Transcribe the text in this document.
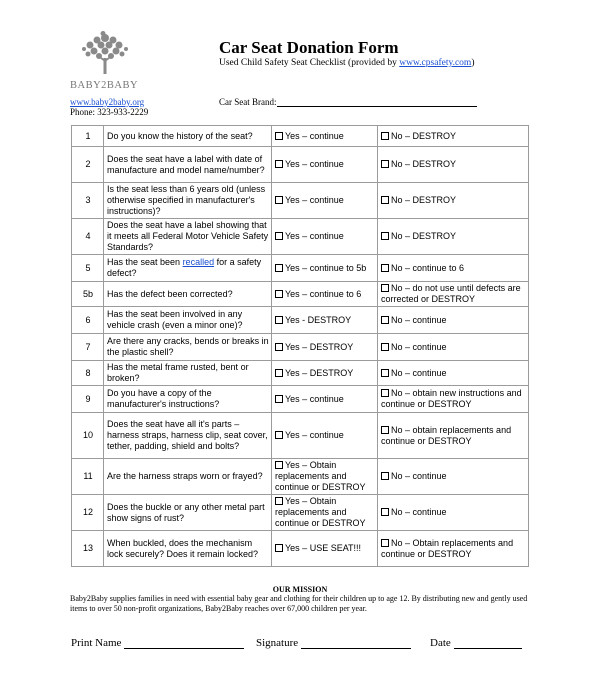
BABY2BABY
www.baby2baby.org
Phone: 323-933-2229
Car Seat Donation Form
Used Child Safety Seat Checklist (provided by www.cpsafety.com)
Car Seat Brand:
1	Do you know the history of the seat?	Yes – continue	No – DESTROY
2	Does the seat have a label with date of manufacture and model name/number?	Yes – continue	No – DESTROY
3	Is the seat less than 6 years old (unless otherwise specified in manufacturer's instructions)?	Yes – continue	No – DESTROY
4	Does the seat have a label showing that it meets all Federal Motor Vehicle Safety Standards?	Yes – continue	No – DESTROY
5	Has the seat been recalled for a safety defect?	Yes – continue to 5b	No – continue to 6
5b	Has the defect been corrected?	Yes – continue to 6	No – do not use until defects are corrected or DESTROY
6	Has the seat been involved in any vehicle crash (even a minor one)?	Yes - DESTROY	No – continue
7	Are there any cracks, bends or breaks in the plastic shell?	Yes – DESTROY	No – continue
8	Has the metal frame rusted, bent or broken?	Yes – DESTROY	No – continue
9	Do you have a copy of the manufacturer's instructions?	Yes – continue	No – obtain new instructions and continue or DESTROY
10	Does the seat have all it's parts – harness straps, harness clip, seat cover, tether, padding, shield and bolts?	Yes – continue	No – obtain replacements and continue or DESTROY
11	Are the harness straps worn or frayed?	Yes – Obtain replacements and continue or DESTROY	No – continue
12	Does the buckle or any other metal part show signs of rust?	Yes – Obtain replacements and continue or DESTROY	No – continue
13	When buckled, does the mechanism lock securely? Does it remain locked?	Yes – USE SEAT!!!	No – Obtain replacements and continue or DESTROY
OUR MISSION
Baby2Baby supplies families in need with essential baby gear and clothing for their children up to age 12. By distributing new and gently used items to over 50 non-profit organizations, Baby2Baby reaches over 67,000 children per year.
Print Name	Signature	Date
